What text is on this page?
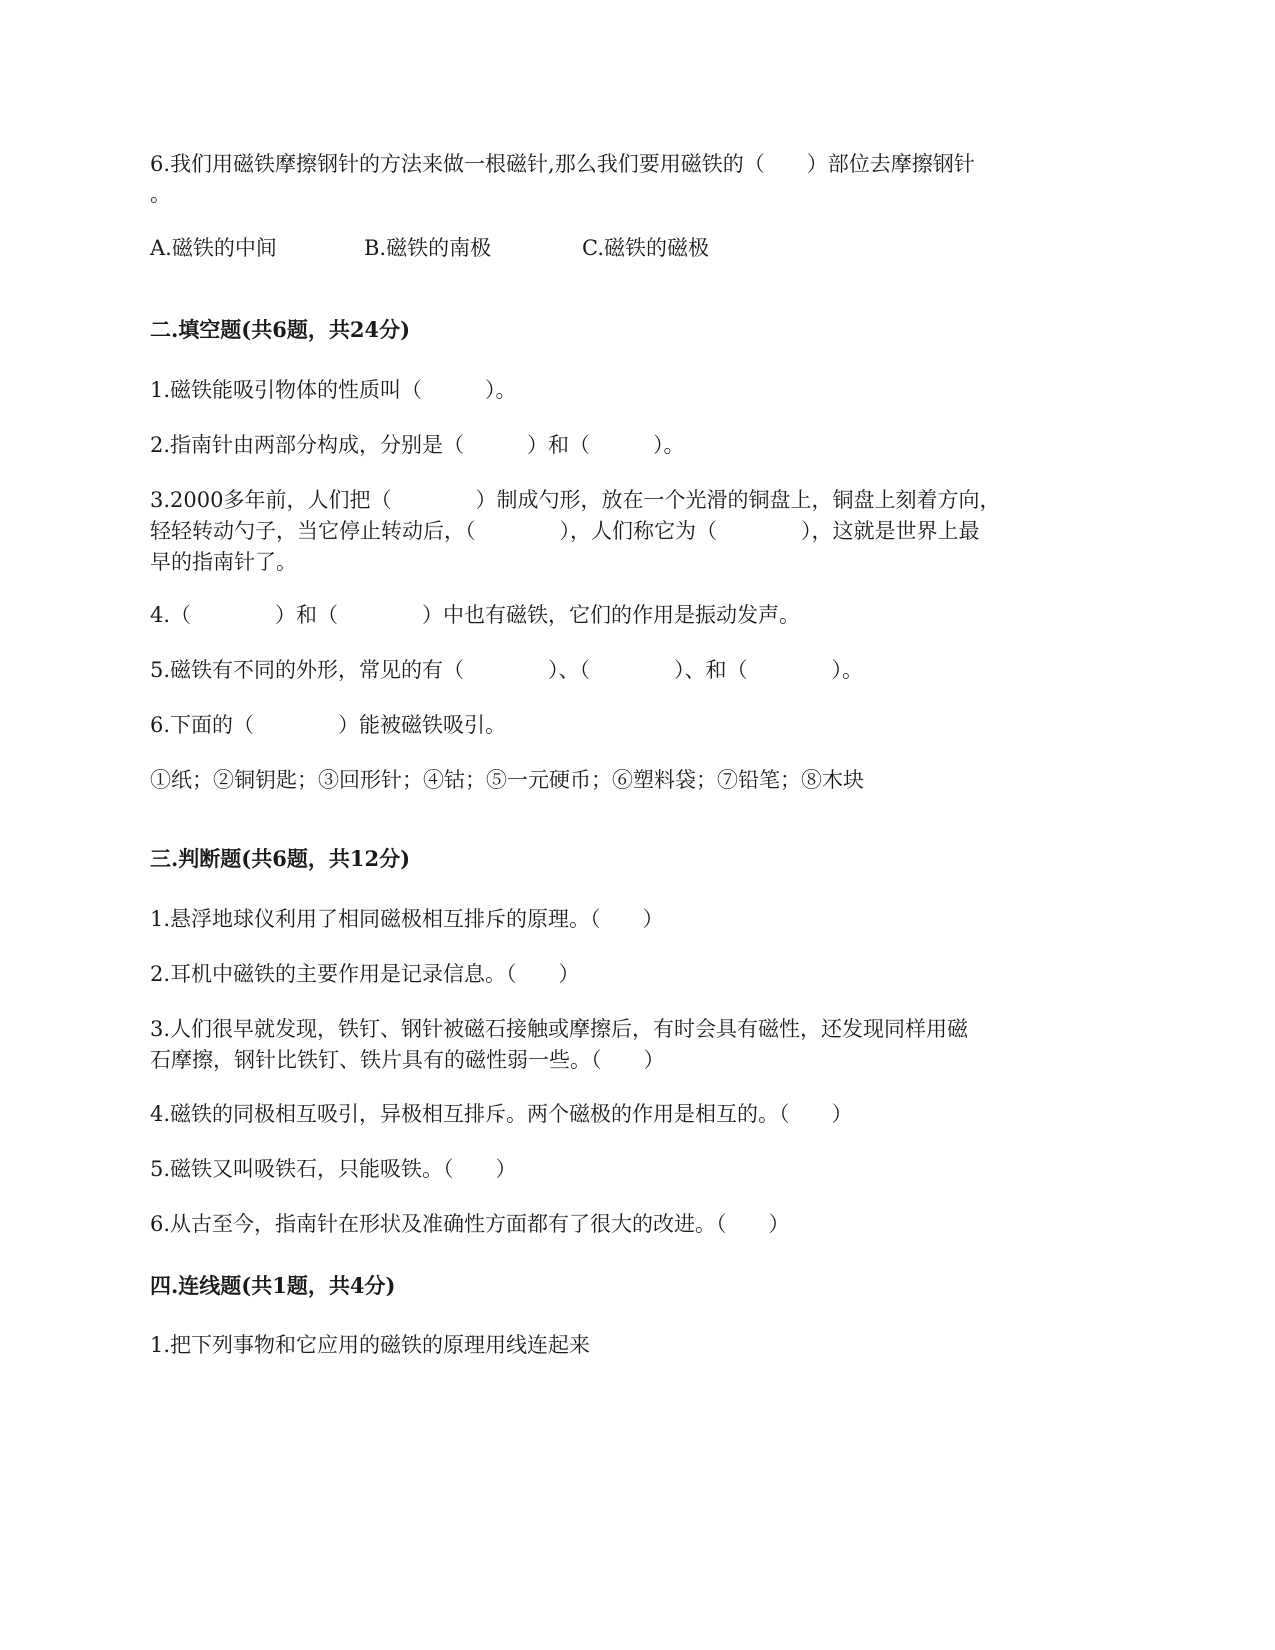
6.我们用磁铁摩擦钢针的方法来做一根磁针,那么我们要用磁铁的（　　）部位去摩擦钢针
。
A.磁铁的中间	B.磁铁的南极	C.磁铁的磁极
二.填空题(共6题，共24分)
1.磁铁能吸引物体的性质叫（　　　）。
2.指南针由两部分构成，分别是（　　　）和（　　　）。
3.2000多年前，人们把（　　　　）制成勺形，放在一个光滑的铜盘上，铜盘上刻着方向，
轻轻转动勺子，当它停止转动后，（　　　　），人们称它为（　　　　），这就是世界上最
早的指南针了。
4.（　　　　）和（　　　　）中也有磁铁，它们的作用是振动发声。
5.磁铁有不同的外形，常见的有（　　　　）、（　　　　）、和（　　　　）。
6.下面的（　　　　）能被磁铁吸引。
①纸；②铜钥匙；③回形针；④钴；⑤一元硬币；⑥塑料袋；⑦铅笔；⑧木块
三.判断题(共6题，共12分)
1.悬浮地球仪利用了相同磁极相互排斥的原理。（　　）
2.耳机中磁铁的主要作用是记录信息。（　　）
3.人们很早就发现，铁钉、钢针被磁石接触或摩擦后，有时会具有磁性，还发现同样用磁
石摩擦，钢针比铁钉、铁片具有的磁性弱一些。（　　）
4.磁铁的同极相互吸引，异极相互排斥。两个磁极的作用是相互的。（　　）
5.磁铁又叫吸铁石，只能吸铁。（　　）
6.从古至今，指南针在形状及准确性方面都有了很大的改进。（　　）
四.连线题(共1题，共4分)
1.把下列事物和它应用的磁铁的原理用线连起来
